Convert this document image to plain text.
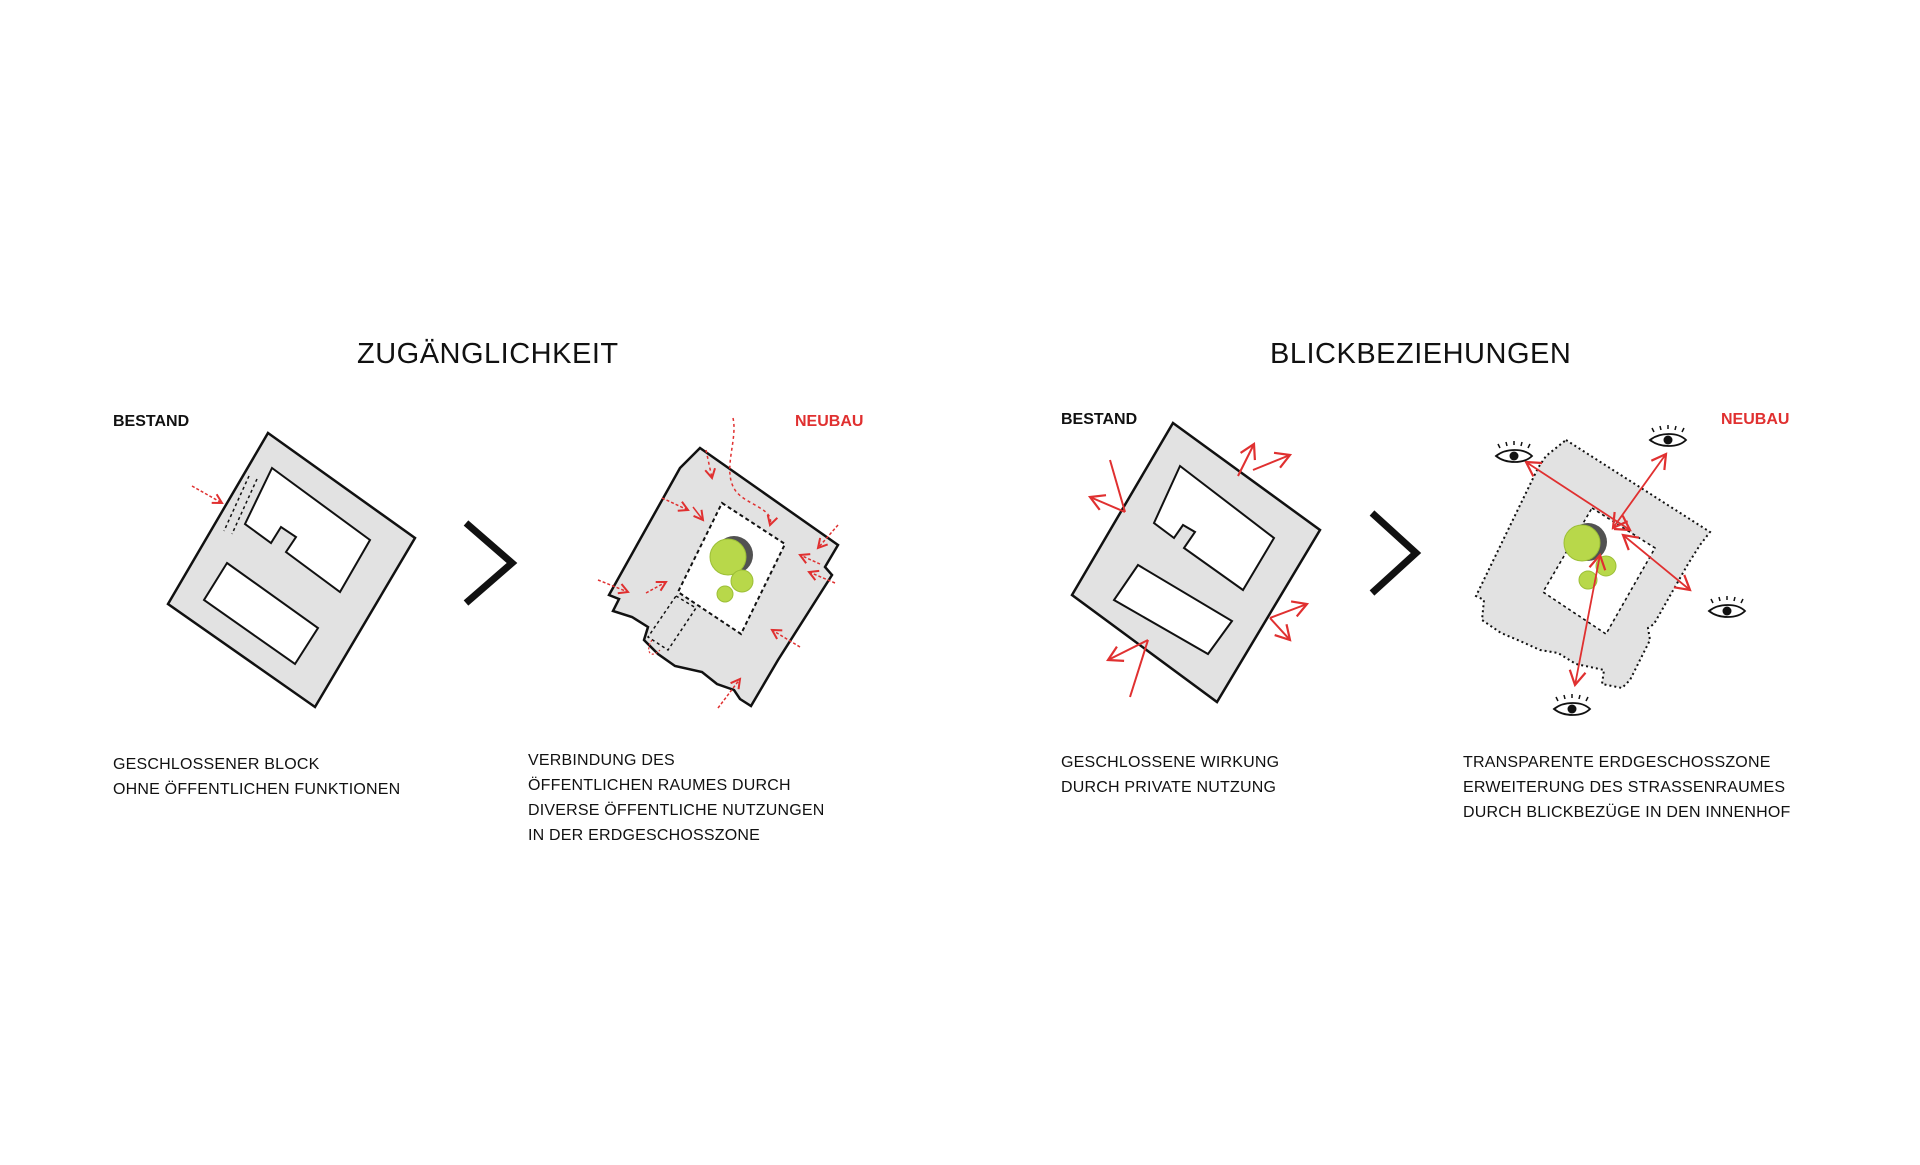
ZUGÄNGLICHKEIT	BLICKBEZIEHUNGEN
BESTAND	NEUBAU	BESTAND	NEUBAU
GESCHLOSSENER BLOCK
OHNE ÖFFENTLICHEN FUNKTIONEN
VERBINDUNG DES
ÖFFENTLICHEN RAUMES DURCH
DIVERSE ÖFFENTLICHE NUTZUNGEN
IN DER ERDGESCHOSSZONE
GESCHLOSSENE WIRKUNG
DURCH PRIVATE NUTZUNG
TRANSPARENTE ERDGESCHOSSZONE
ERWEITERUNG DES STRASSENRAUMES
DURCH BLICKBEZÜGE IN DEN INNENHOF
